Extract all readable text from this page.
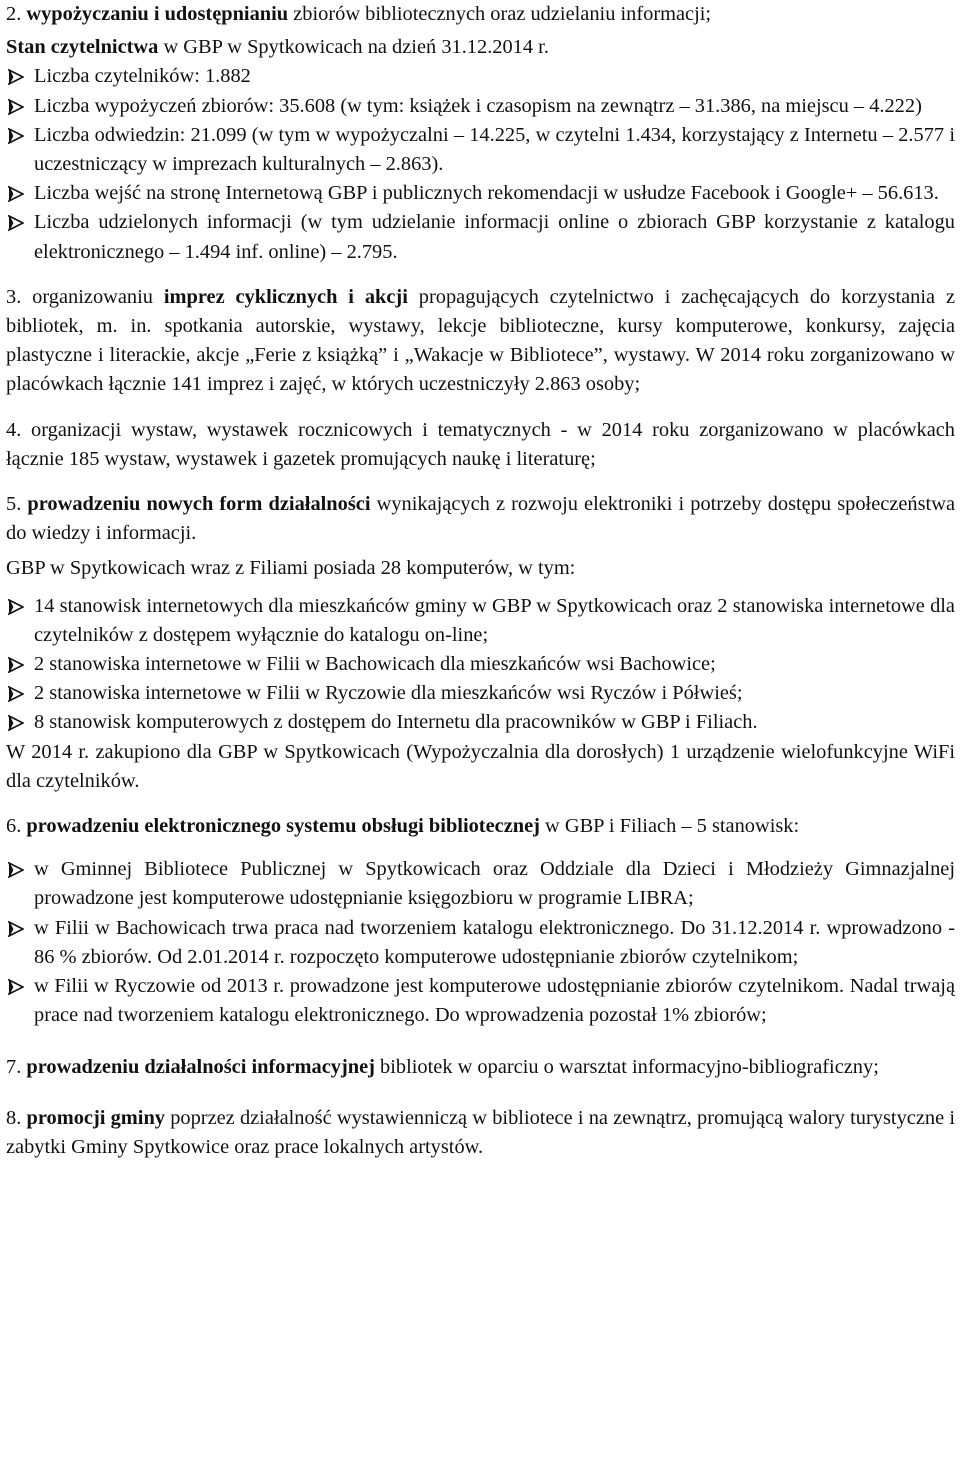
2. wypożyczaniu i udostępnianiu zbiorów bibliotecznych oraz udzielaniu informacji;

Stan czytelnictwa w GBP w Spytkowicach na dzień 31.12.2014 r.

Liczba czytelników: 1.882

Liczba wypożyczeń zbiorów: 35.608 (w tym: książek i czasopism na zewnątrz – 31.386, na miejscu – 4.222)

Liczba odwiedzin: 21.099 (w tym w wypożyczalni – 14.225, w czytelni 1.434, korzystający z Internetu – 2.577 i uczestniczący w imprezach kulturalnych – 2.863).

Liczba wejść na stronę Internetową GBP i publicznych rekomendacji w usłudze Facebook i Google+ – 56.613.

Liczba udzielonych informacji (w tym udzielanie informacji online o zbiorach GBP korzystanie z katalogu elektronicznego – 1.494 inf. online) – 2.795.

3. organizowaniu imprez cyklicznych i akcji propagujących czytelnictwo i zachęcających do korzystania z bibliotek, m. in. spotkania autorskie, wystawy, lekcje biblioteczne, kursy komputerowe, konkursy, zajęcia plastyczne i literackie, akcje „Ferie z książką” i „Wakacje w Bibliotece”, wystawy. W 2014 roku zorganizowano w placówkach łącznie 141 imprez i zajęć, w których uczestniczyły 2.863 osoby;

4. organizacji wystaw, wystawek rocznicowych i tematycznych - w 2014 roku zorganizowano w placówkach łącznie 185 wystaw, wystawek i gazetek promujących naukę i literaturę;

5. prowadzeniu nowych form działalności wynikających z rozwoju elektroniki i potrzeby dostępu społeczeństwa do wiedzy i informacji.

GBP w Spytkowicach wraz z Filiami posiada 28 komputerów, w tym:

14 stanowisk internetowych dla mieszkańców gminy w GBP w Spytkowicach oraz 2 stanowiska internetowe dla czytelników z dostępem wyłącznie do katalogu on-line;

2 stanowiska internetowe w Filii w Bachowicach dla mieszkańców wsi Bachowice;

2 stanowiska internetowe w Filii w Ryczowie dla mieszkańców wsi Ryczów i Półwieś;

8 stanowisk komputerowych z dostępem do Internetu dla pracowników w GBP i Filiach.

W 2014 r. zakupiono dla GBP w Spytkowicach (Wypożyczalnia dla dorosłych) 1 urządzenie wielofunkcyjne WiFi dla czytelników.

6. prowadzeniu elektronicznego systemu obsługi bibliotecznej w GBP i Filiach – 5 stanowisk:

w Gminnej Bibliotece Publicznej w Spytkowicach oraz Oddziale dla Dzieci i Młodzieży Gimnazjalnej prowadzone jest komputerowe udostępnianie księgozbioru w programie LIBRA;

w Filii w Bachowicach trwa praca nad tworzeniem katalogu elektronicznego. Do 31.12.2014 r. wprowadzono - 86 % zbiorów. Od 2.01.2014 r. rozpoczęto komputerowe udostępnianie zbiorów czytelnikom;

w Filii w Ryczowie od 2013 r. prowadzone jest komputerowe udostępnianie zbiorów czytelnikom. Nadal trwają prace nad tworzeniem katalogu elektronicznego. Do wprowadzenia pozostał 1% zbiorów;

7. prowadzeniu działalności informacyjnej bibliotek w oparciu o warsztat informacyjno-bibliograficzny;

8. promocji gminy poprzez działalność wystawienniczą w bibliotece i na zewnątrz, promującą walory turystyczne i zabytki Gminy Spytkowice oraz prace lokalnych artystów.
